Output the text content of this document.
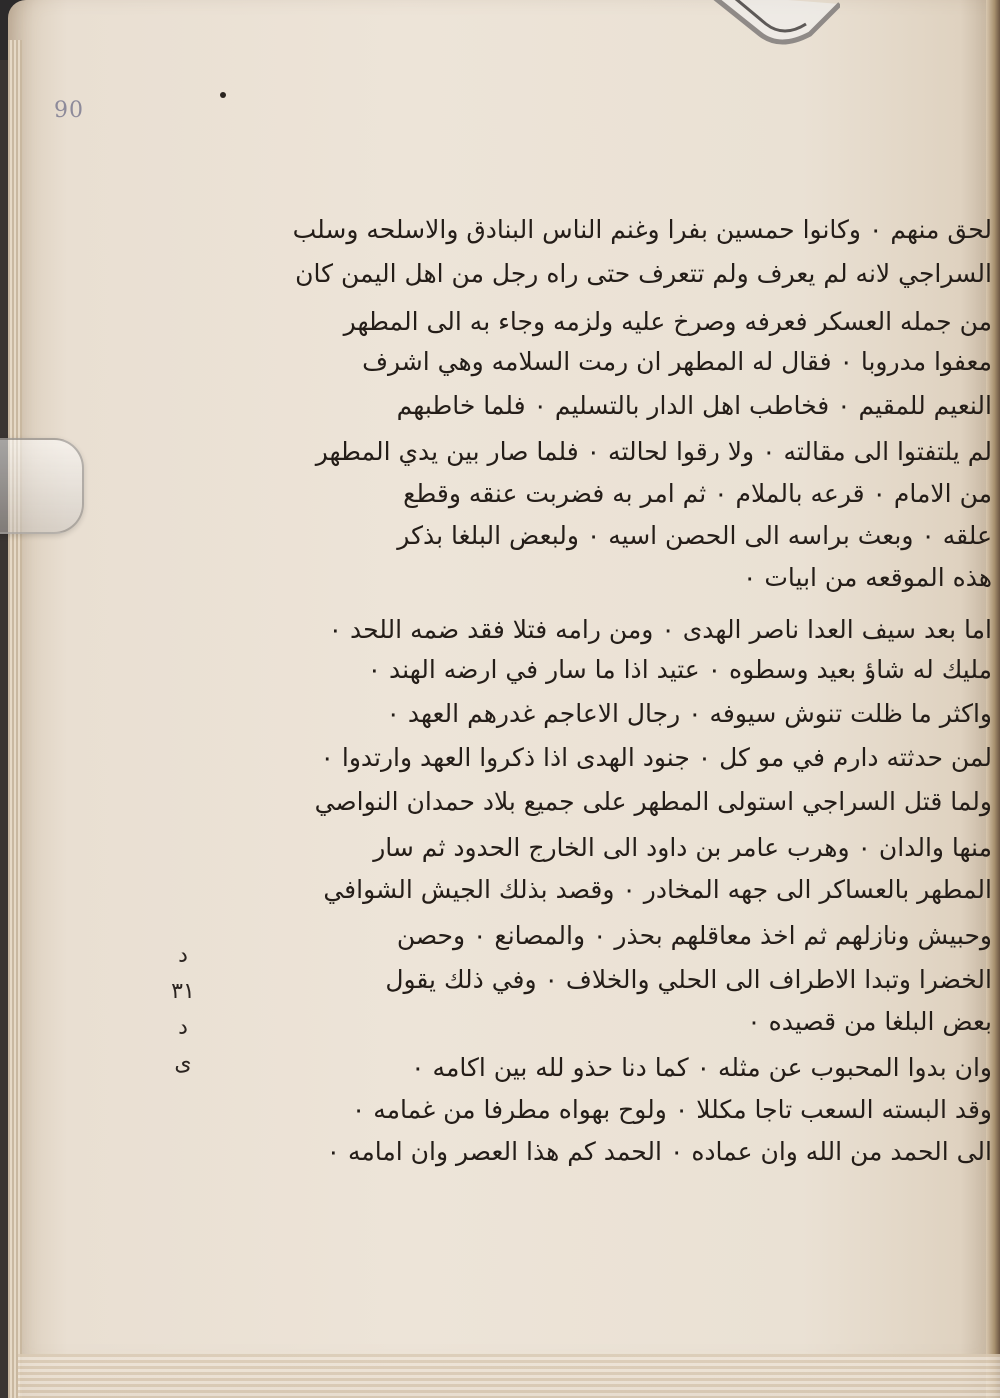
90
لحق منهم ۰ وكانوا حمسين بفرا وغنم الناس البنادق والاسلحه وسلب
السراجي لانه لم يعرف ولم تتعرف حتى راه رجل من اهل اليمن كان
من جمله العسكر فعرفه وصرخ عليه ولزمه وجاء به الى المطهر
معفوا مدروبا ۰ فقال له المطهر ان رمت السلامه وهي اشرف
النعيم للمقيم ۰ فخاطب اهل الدار بالتسليم ۰ فلما خاطبهم
لم يلتفتوا الى مقالته ۰ ولا رقوا لحالته ۰ فلما صار بين يدي المطهر
من الامام ۰ قرعه بالملام ۰ ثم امر به فضربت عنقه وقطع
علقه ۰ وبعث براسه الى الحصن اسيه ۰ ولبعض البلغا بذكر
هذه الموقعه من ابيات ۰
اما بعد سيف العدا ناصر الهدى ۰ ومن رامه فتلا فقد ضمه اللحد ۰
مليك له شاؤ بعيد وسطوه ۰ عتيد اذا ما سار في ارضه الهند ۰
واكثر ما ظلت تنوش سيوفه ۰ رجال الاعاجم غدرهم العهد ۰
لمن حدثته دارم في مو كل ۰ جنود الهدى اذا ذكروا العهد وارتدوا ۰
ولما قتل السراجي استولى المطهر على جميع بلاد حمدان النواصي
منها والدان ۰ وهرب عامر بن داود الى الخارج الحدود ثم سار
المطهر بالعساكر الى جهه المخادر ۰ وقصد بذلك الجيش الشوافي
وحبيش ونازلهم ثم اخذ معاقلهم بحذر ۰ والمصانع ۰ وحصن
الخضرا وتبدا الاطراف الى الحلي والخلاف ۰ وفي ذلك يقول
بعض البلغا من قصيده ۰
وان بدوا المحبوب عن مثله ۰ كما دنا حذو لله بين اكامه ۰
وقد البسته السعب تاجا مكللا ۰ ولوح بهواه مطرفا من غمامه ۰
الى الحمد من الله وان عماده ۰ الحمد كم هذا العصر وان امامه ۰
د
٣١
د
ى
